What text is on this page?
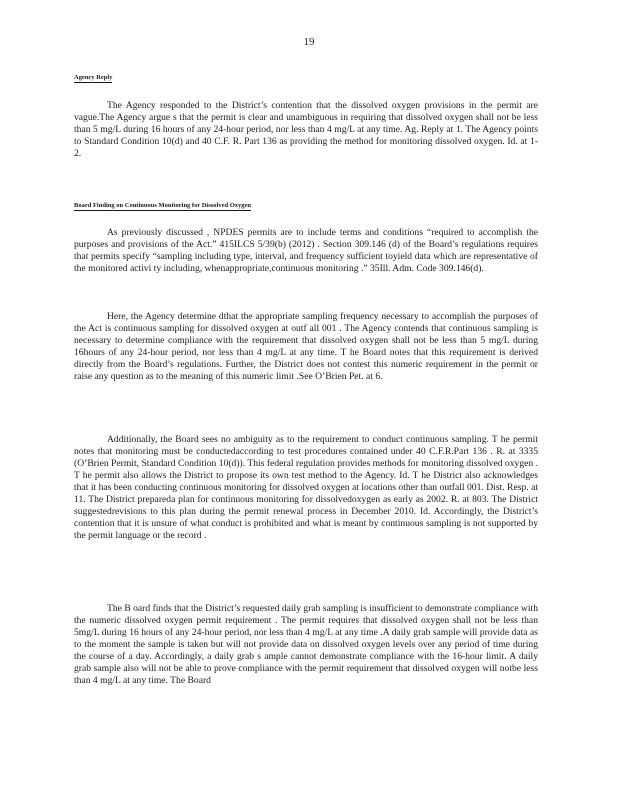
19
Agency Reply
The Agency responded to the District’s contention that the dissolved oxygen provisions in the permit are vague.The Agency argue s that the permit is clear and unambiguous in requiring that dissolved oxygen shall not be less than 5 mg/L during 16 hours of any 24-hour period, nor less than 4 mg/L at any time. Ag. Reply at 1. The Agency points to Standard Condition 10(d) and 40 C.F. R. Part 136 as providing the method for monitoring dissolved oxygen. Id. at 1- 2.
Board Finding on Continuous Monitoring for Dissolved Oxygen
As previously discussed , NPDES permits are to include terms and conditions “required to accomplish the purposes and provisions of the Act.” 415ILCS 5/39(b) (2012) . Section 309.146 (d) of the Board’s regulations requires that permits specify “sampling including type, interval, and frequency sufficient toyield data which are representative of the monitored activi ty including, whenappropriate,continuous monitoring .” 35Ill. Adm. Code 309.146(d).
Here, the Agency determine dthat the appropriate sampling frequency necessary to accomplish the purposes of the Act is continuous sampling for dissolved oxygen at outf all 001 . The Agency contends that continuous sampling is necessary to determine compliance with the requirement that dissolved oxygen shall not be less than 5 mg/L during 16hours of any 24-hour period, nor less than 4 mg/L at any time. T he Board notes that this requirement is derived directly from the Board’s regulations. Further, the District does not contest this numeric requirement in the permit or raise any question as to the meaning of this numeric limit .See O’Brien Pet. at 6.
Additionally, the Board sees no ambiguity as to the requirement to conduct continuous sampling. T he permit notes that monitoring must be conductedaccording to test procedures contained under 40 C.F.R.Part 136 . R. at 3335 (O’Brien Permit, Standard Condition 10(d)). This federal regulation provides methods for monitoring dissolved oxygen . T he permit also allows the District to propose its own test method to the Agency. Id. T he District also acknowledges that it has been conducting continuous monitoring for dissolved oxygen at locations other than outfall 001. Dist. Resp. at 11. The District prepareda plan for continuous monitoring for dissolvedoxygen as early as 2002. R. at 803. The District suggestedrevisions to this plan during the permit renewal process in December 2010. Id. Accordingly, the District’s contention that it is unsure of what conduct is prohibited and what is meant by continuous sampling is not supported by the permit language or the record .
The B oard finds that the District’s requested daily grab sampling is insufficient to demonstrate compliance with the numeric dissolved oxygen permit requirement . The permit requires that dissolved oxygen shall not be less than 5mg/L during 16 hours of any 24-hour period, nor less than 4 mg/L at any time .A daily grab sample will provide data as to the moment the sample is taken but will not provide data on dissolved oxygen levels over any period of time during the course of a day. Accordingly, a daily grab s ample cannot demonstrate compliance with the 16-hour limit. A daily grab sample also will not be able to prove compliance with the permit requirement that dissolved oxygen will notbe less than 4 mg/L at any time. The Board
